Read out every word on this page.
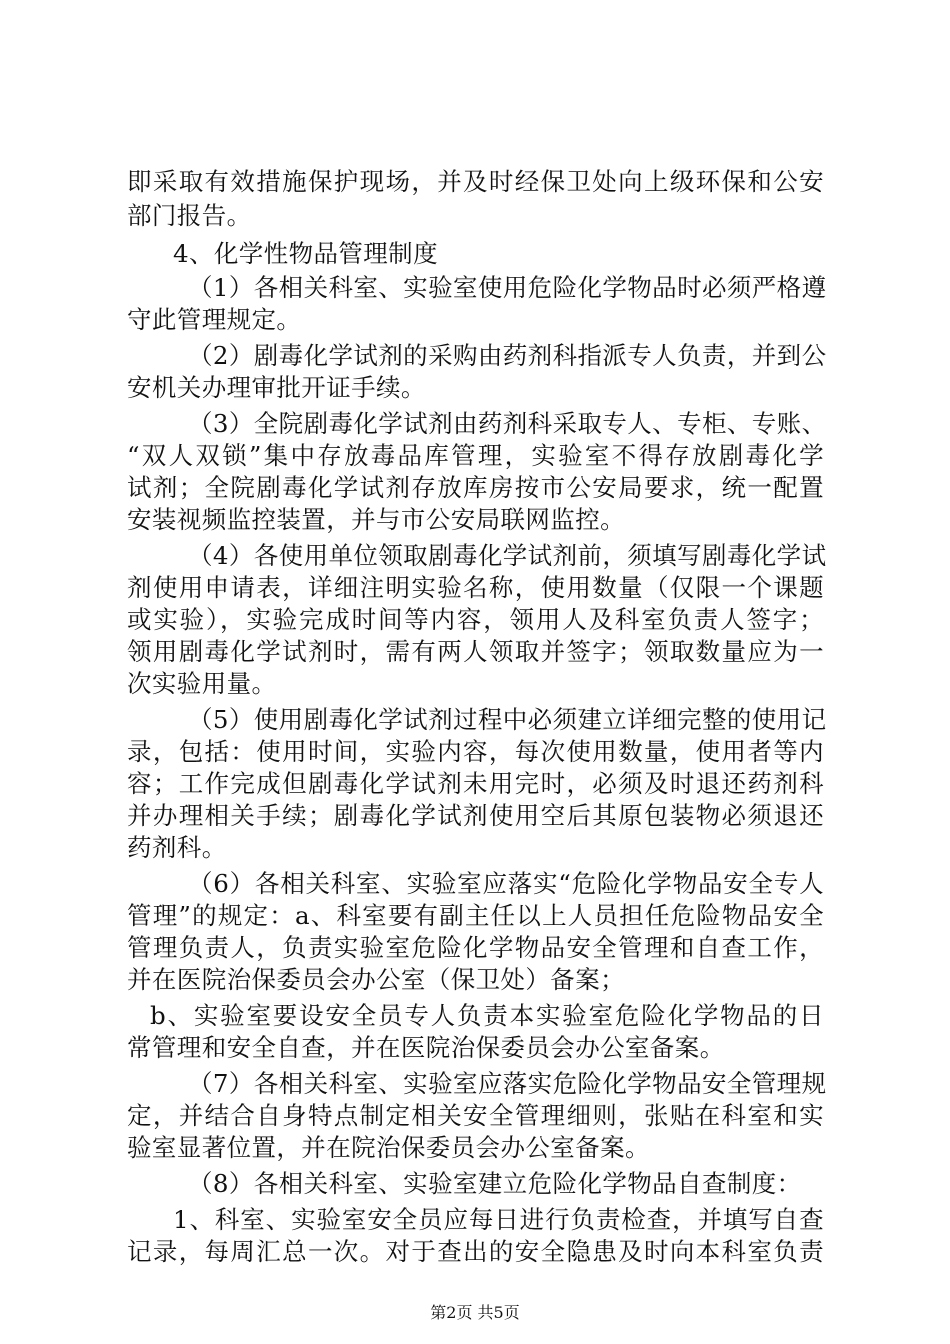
即采取有效措施保护现场，并及时经保卫处向上级环保和公安
部门报告。
4、化学性物品管理制度
（1）各相关科室、实验室使用危险化学物品时必须严格遵
守此管理规定。
（2）剧毒化学试剂的采购由药剂科指派专人负责，并到公
安机关办理审批开证手续。
（3）全院剧毒化学试剂由药剂科采取专人、专柜、专账、
“双人双锁”集中存放毒品库管理，实验室不得存放剧毒化学
试剂；全院剧毒化学试剂存放库房按市公安局要求，统一配置
安装视频监控装置，并与市公安局联网监控。
（4）各使用单位领取剧毒化学试剂前，须填写剧毒化学试
剂使用申请表，详细注明实验名称，使用数量（仅限一个课题
或实验），实验完成时间等内容，领用人及科室负责人签字；
领用剧毒化学试剂时，需有两人领取并签字；领取数量应为一
次实验用量。
（5）使用剧毒化学试剂过程中必须建立详细完整的使用记
录，包括：使用时间，实验内容，每次使用数量，使用者等内
容；工作完成但剧毒化学试剂未用完时，必须及时退还药剂科
并办理相关手续；剧毒化学试剂使用空后其原包装物必须退还
药剂科。
（6）各相关科室、实验室应落实“危险化学物品安全专人
管理”的规定：a、科室要有副主任以上人员担任危险物品安全
管理负责人，负责实验室危险化学物品安全管理和自查工作，
并在医院治保委员会办公室（保卫处）备案；
b、实验室要设安全员专人负责本实验室危险化学物品的日
常管理和安全自查，并在医院治保委员会办公室备案。
（7）各相关科室、实验室应落实危险化学物品安全管理规
定，并结合自身特点制定相关安全管理细则，张贴在科室和实
验室显著位置，并在院治保委员会办公室备案。
（8）各相关科室、实验室建立危险化学物品自查制度：
1、科室、实验室安全员应每日进行负责检查，并填写自查
记录，每周汇总一次。对于查出的安全隐患及时向本科室负责
第2页 共5页
